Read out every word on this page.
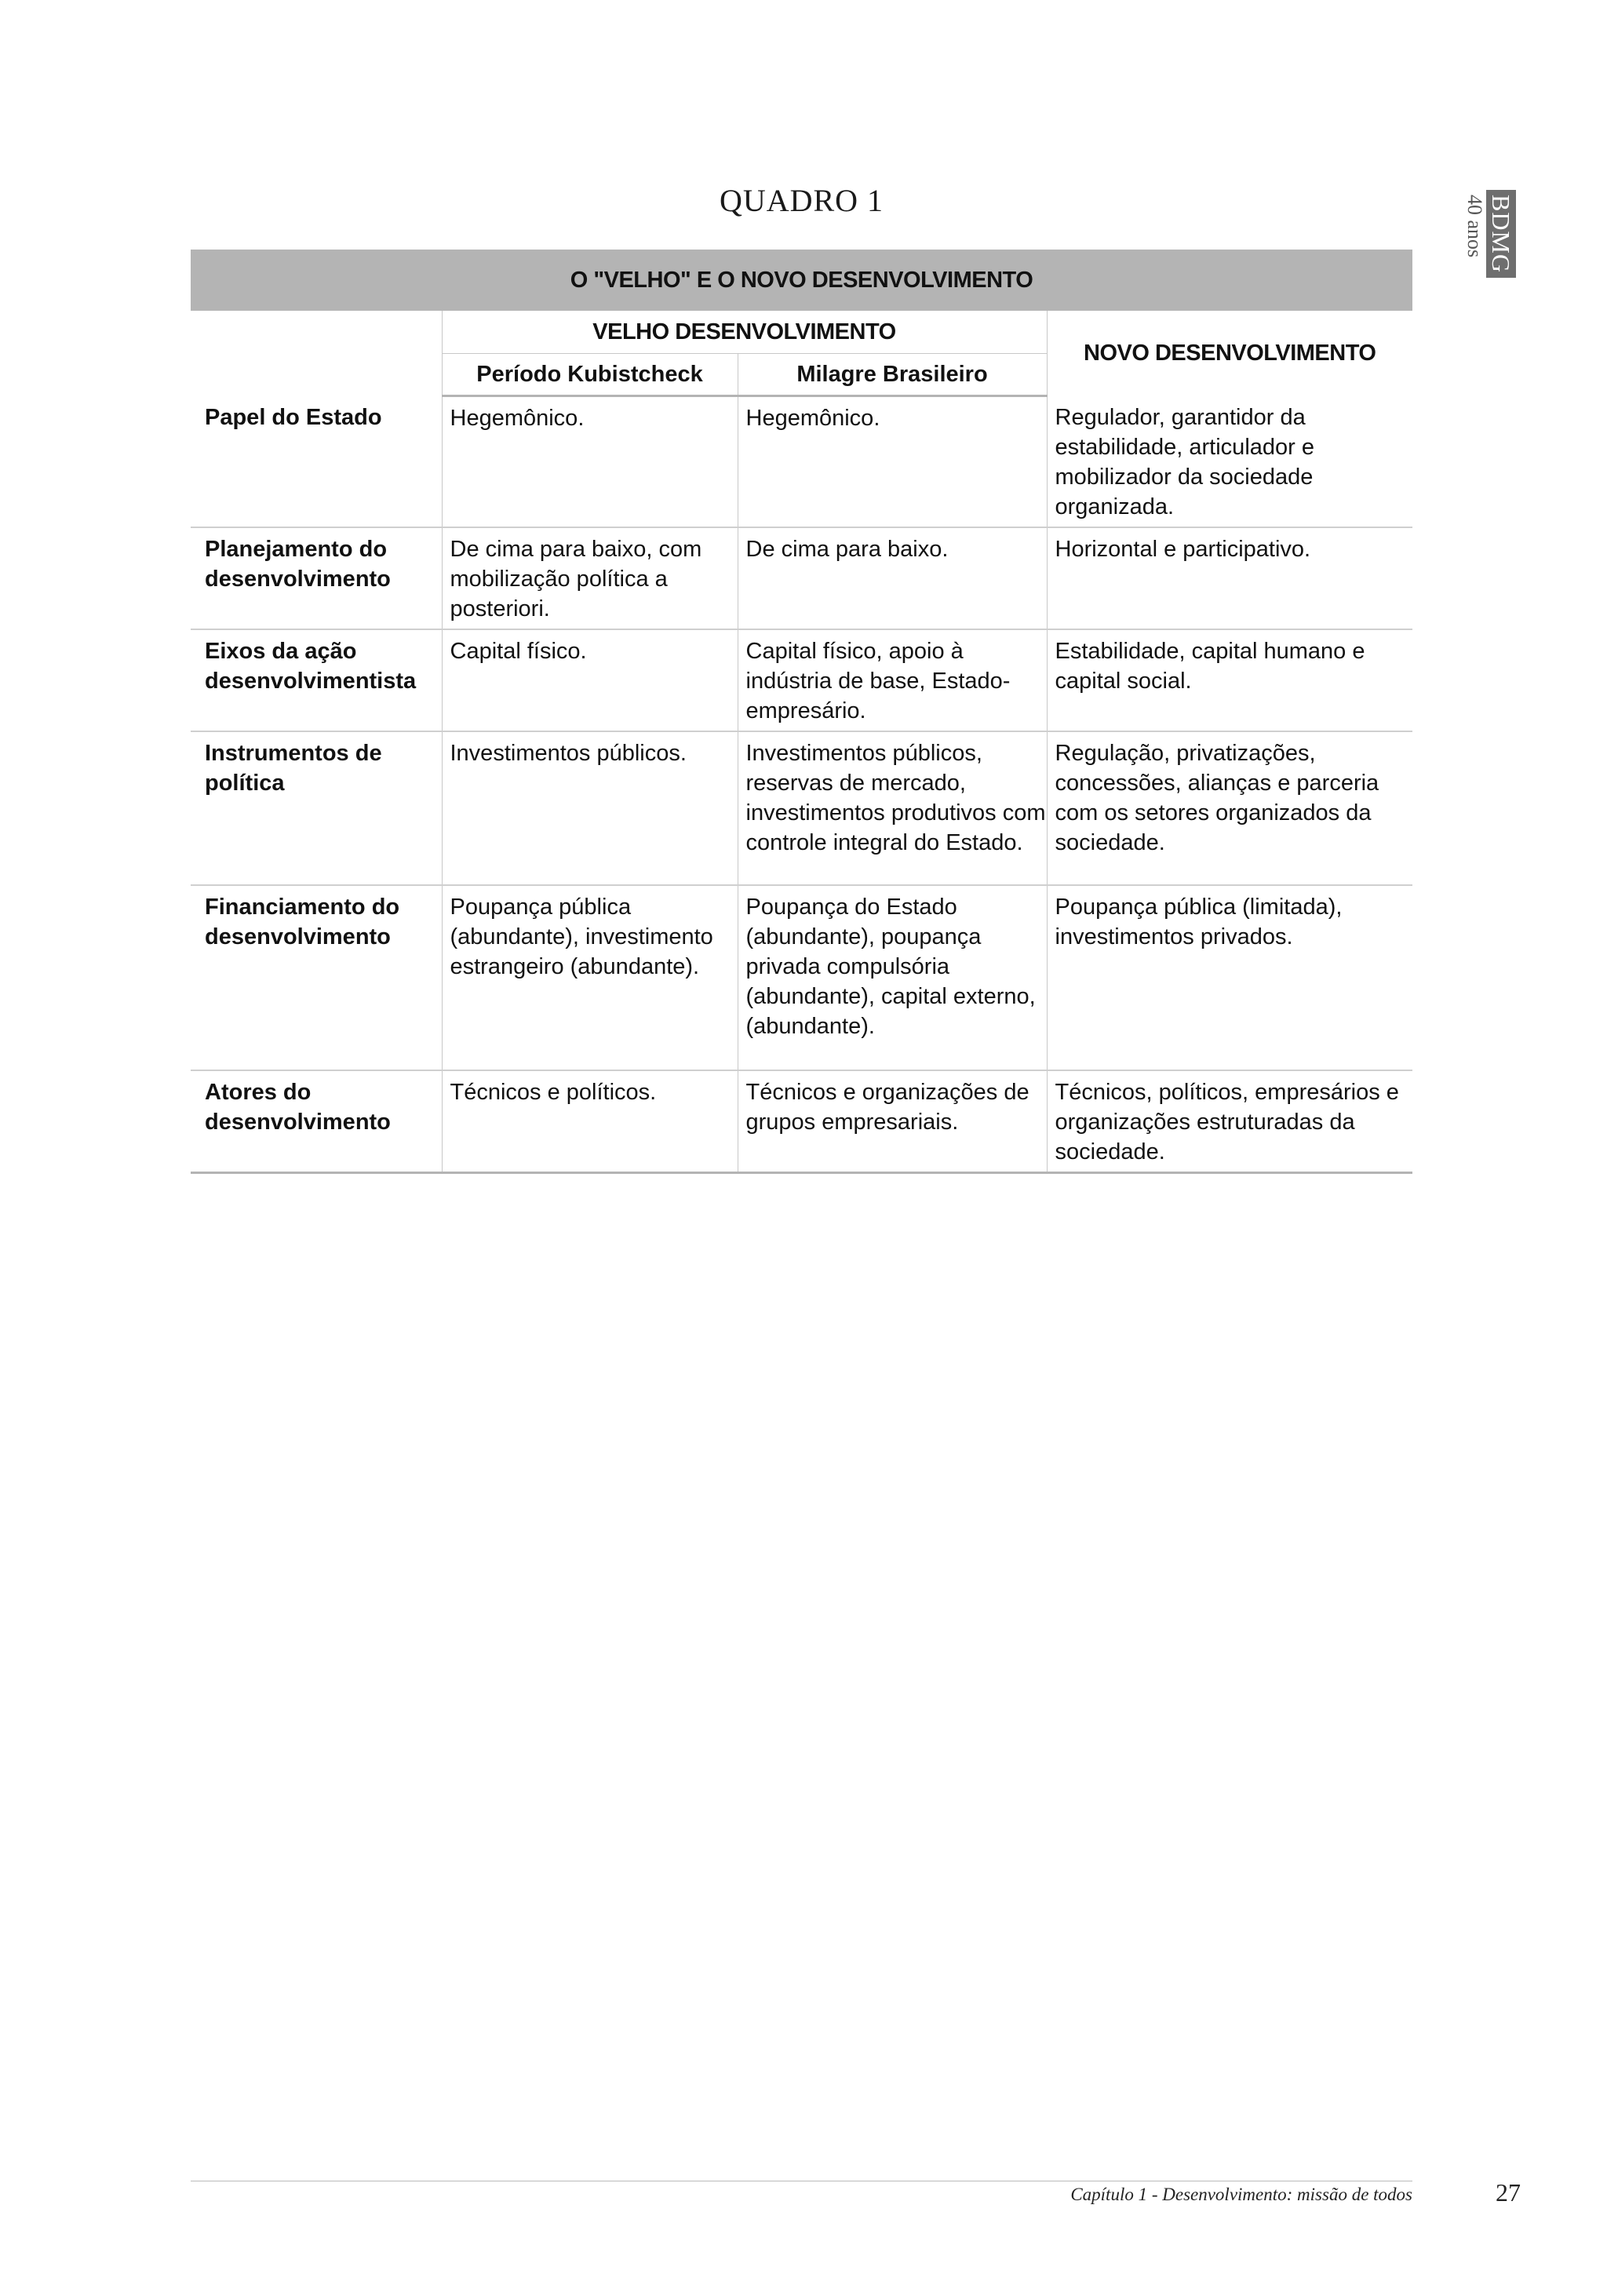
QUADRO 1	BDMG
40 anos
O "VELHO" E O NOVO DESENVOLVIMENTO			
	VELHO DESENVOLVIMENTO		NOVO DESENVOLVIMENTO
	Período Kubistcheck	Milagre Brasileiro	
Papel do Estado	Hegemônico.	Hegemônico.	Regulador, garantidor da estabilidade, articulador e mobilizador da sociedade organizada.
Planejamento do desenvolvimento	De cima para baixo, com mobilização política a posteriori.	De cima para baixo.	Horizontal e participativo.
Eixos da ação desenvolvimentista	Capital físico.	Capital físico, apoio à indústria de base, Estado-empresário.	Estabilidade, capital humano e capital social.
Instrumentos de política	Investimentos públicos.	Investimentos públicos, reservas de mercado, investimentos produtivos com controle integral do Estado.	Regulação, privatizações, concessões, alianças e parceria com os setores organizados da sociedade.
Financiamento do desenvolvimento	Poupança pública (abundante), investimento estrangeiro (abundante).	Poupança do Estado (abundante), poupança privada compulsória (abundante), capital externo, (abundante).	Poupança pública (limitada), investimentos privados.
Atores do desenvolvimento	Técnicos e políticos.	Técnicos e organizações de grupos empresariais.	Técnicos, políticos, empresários e organizações estruturadas da sociedade.
Capítulo 1 - Desenvolvimento: missão de todos	27
